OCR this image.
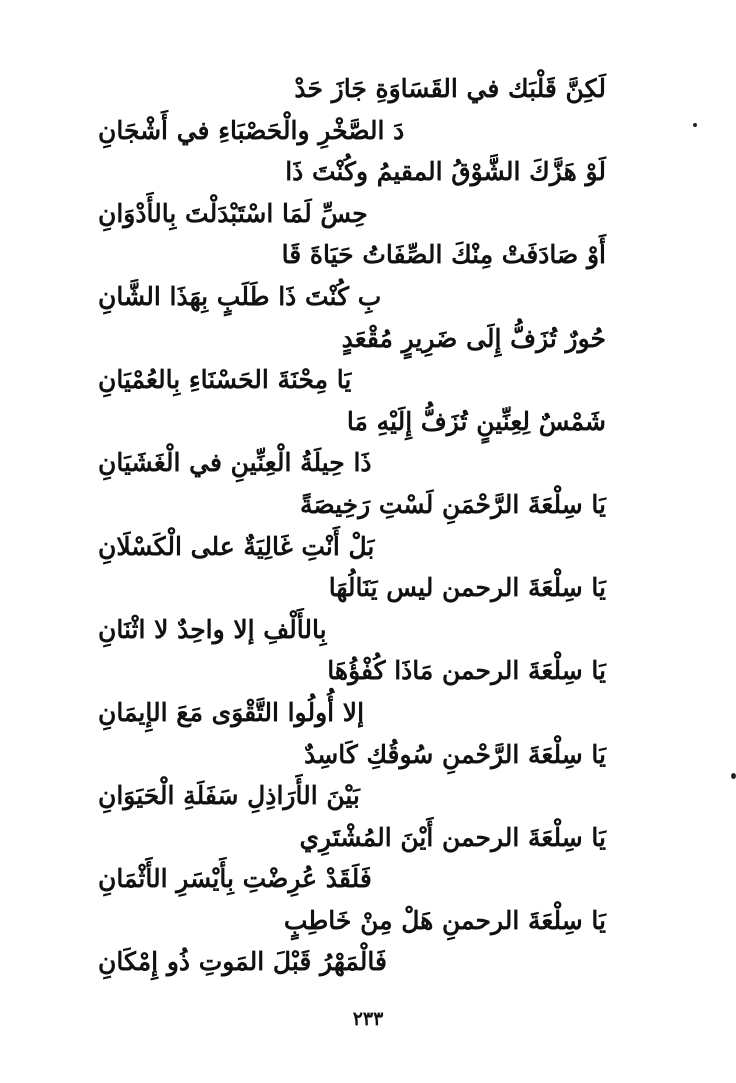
لَكِنَّ قَلْبَك في القَسَاوَةِ جَازَ حَدْ
دَ الصَّخْرِ والْحَصْبَاءِ في أَشْجَانِ
لَوْ هَزَّكَ الشَّوْقُ المقيمُ وكُنْتَ ذَا
حِسِّ لَمَا اسْتَبْدَلْتَ بِالأَدْوَانِ
أَوْ صَادَفَتْ مِنْكَ الصِّفَاتُ حَيَاةَ قَا
بِ كُنْتَ ذَا طَلَبٍ بِهَذَا الشَّانِ
حُورٌ تُزَفُّ إِلَى ضَرِيرٍ مُقْعَدٍ
يَا مِحْنَةَ الحَسْنَاءِ بِالعُمْيَانِ
شَمْسٌ لِعِنِّينٍ تُزَفُّ إِلَيْهِ مَا
ذَا حِيلَةُ الْعِنِّينِ في الْغَشَيَانِ
يَا سِلْعَةَ الرَّحْمَنِ لَسْتِ رَخِيصَةً
بَلْ أَنْتِ غَالِيَةٌ على الْكَسْلَانِ
يَا سِلْعَةَ الرحمن ليس يَنَالُهَا
بِالأَلْفِ إلا واحِدٌ لا اثْنَانِ
يَا سِلْعَةَ الرحمن مَاذَا كُفْؤُهَا
إلا أُولُوا التَّقْوَى مَعَ الإِيمَانِ
يَا سِلْعَةَ الرَّحْمنِ سُوقُكِ كَاسِدٌ
بَيْنَ الأَرَاذِلِ سَفَلَةِ الْحَيَوَانِ
يَا سِلْعَةَ الرحمن أَيْنَ المُشْتَرِي
فَلَقَدْ عُرِضْتِ بِأَيْسَرِ الأَثْمَانِ
يَا سِلْعَةَ الرحمنِ هَلْ مِنْ خَاطِبٍ
فَالْمَهْرُ قَبْلَ المَوتِ ذُو إِمْكَانِ
٢٣٣
